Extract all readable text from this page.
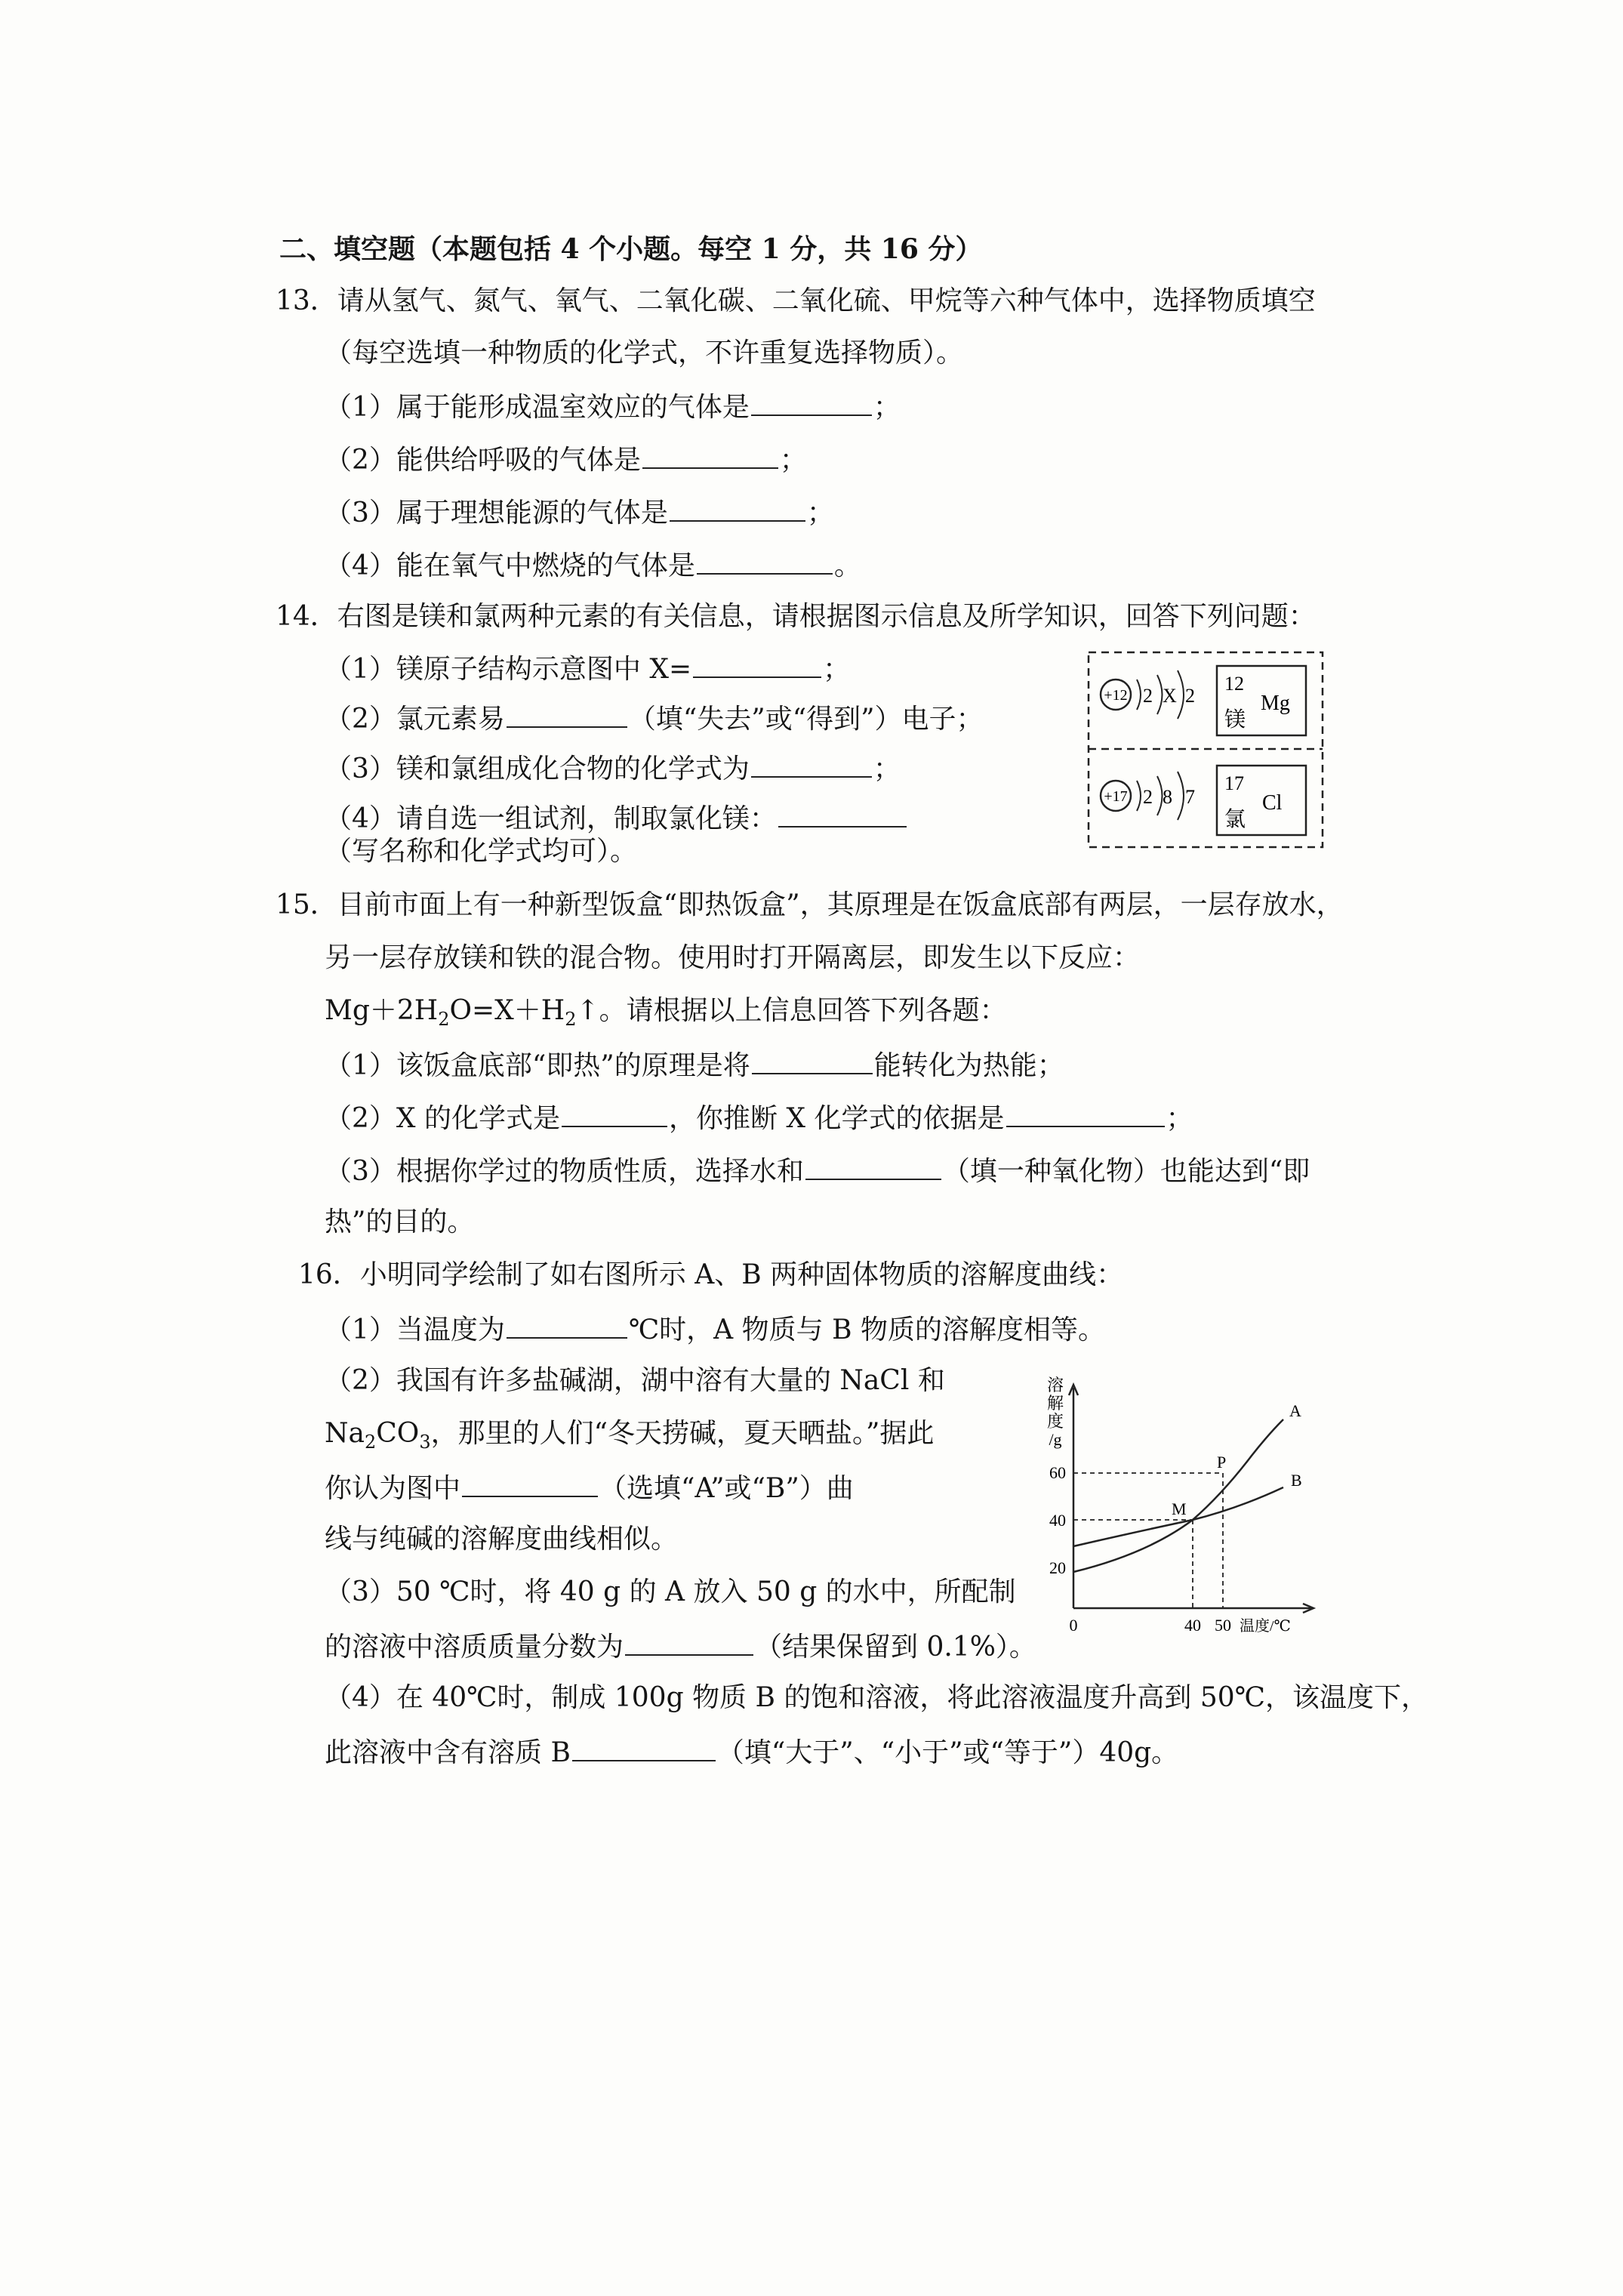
二、填空题（本题包括 4 个小题。每空 1 分，共 16 分）
13．请从氢气、氮气、氧气、二氧化碳、二氧化硫、甲烷等六种气体中，选择物质填空
（每空选填一种物质的化学式，不许重复选择物质）。
（1）属于能形成温室效应的气体是	；
（2）能供给呼吸的气体是	；
（3）属于理想能源的气体是	；
（4）能在氧气中燃烧的气体是	。
14．右图是镁和氯两种元素的有关信息，请根据图示信息及所学知识，回答下列问题：
（1）镁原子结构示意图中 X=	；
（2）氯元素易	（填“失去”或“得到”）电子；
（3）镁和氯组成化合物的化学式为	；
（4）请自选一组试剂，制取氯化镁：
（写名称和化学式均可）。
+12 2 X 2
12
Mg
镁
+17 2 8 7
17
Cl
氯
15．目前市面上有一种新型饭盒“即热饭盒”，其原理是在饭盒底部有两层，一层存放水，
另一层存放镁和铁的混合物。使用时打开隔离层，即发生以下反应：
$Mg+2H_2O=X+H_2↑$。请根据以上信息回答下列各题：
（1）该饭盒底部“即热”的原理是将	能转化为热能；
（2）X 的化学式是	，你推断 X 化学式的依据是	；
（3）根据你学过的物质性质，选择水和	（填一种氧化物）也能达到“即
热”的目的。
16．小明同学绘制了如右图所示 A、B 两种固体物质的溶解度曲线：
（1）当温度为	℃时，A 物质与 B 物质的溶解度相等。
（2）我国有许多盐碱湖，湖中溶有大量的 NaCl 和
$Na_2CO_3$，那里的人们“冬天捞碱，夏天晒盐。”据此
你认为图中	（选填“A”或“B”）曲
线与纯碱的溶解度曲线相似。
（3）50 ℃时，将 40 g 的 A 放入 50 g 的水中，所配制
的溶液中溶质质量分数为	（结果保留到 0.1%）。
（4）在 40℃时，制成 100g 物质 B 的饱和溶液，将此溶液温度升高到 50℃，该温度下，
此溶液中含有溶质 B	（填“大于”、“小于”或“等于”）40g。
溶
解
度
/g
60
40
20
0	40 50 温度/℃
A
B
P
M
